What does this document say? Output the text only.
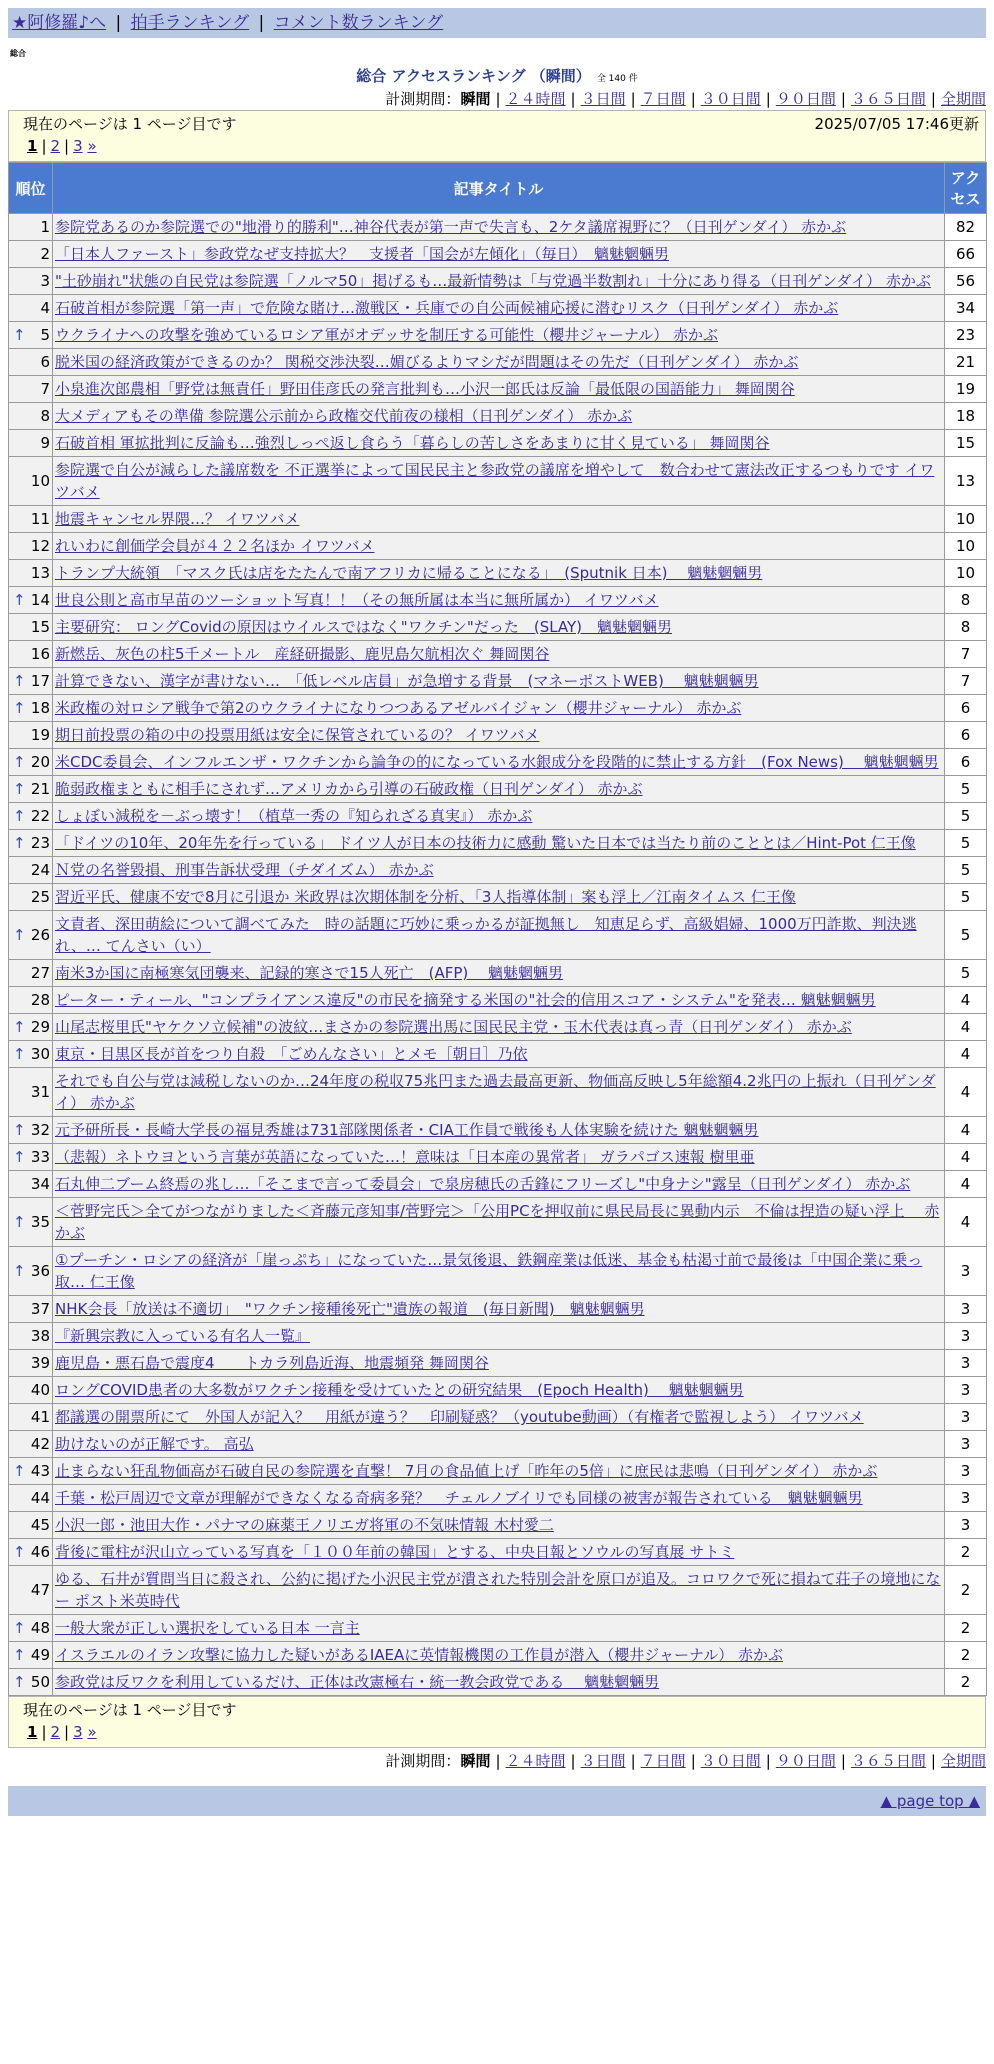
★阿修羅♪へ | 拍手ランキング | コメント数ランキング
総合
総合 アクセスランキング （瞬間） 全 140 件
計測期間：瞬間 | ２４時間 | ３日間 | ７日間 | ３０日間 | ９０日間 | ３６５日間 | 全期間
現在のページは 1 ページ目です	2025/07/05 17:46更新
1 | 2 | 3 »
順位	記事タイトル	アクセス
1	参院党あるのか参院選での"地滑り的勝利"…神谷代表が第一声で失言も、2ケタ議席視野に？（日刊ゲンダイ） 赤かぶ	82
2	「日本人ファースト」参政党なぜ支持拡大？　支援者「国会が左傾化」（毎日）　魑魅魍魎男	66
3	"土砂崩れ"状態の自民党は参院選「ノルマ50」掲げるも…最新情勢は「与党過半数割れ」十分にあり得る（日刊ゲンダイ） 赤かぶ	56
4	石破首相が参院選「第一声」で危険な賭け…激戦区・兵庫での自公両候補応援に潜むリスク（日刊ゲンダイ） 赤かぶ	34

↑ 5	ウクライナへの攻撃を強めているロシア軍がオデッサを制圧する可能性（櫻井ジャーナル） 赤かぶ	23
6	脱米国の経済政策ができるのか？ 関税交渉決裂…媚びるよりマシだが問題はその先だ（日刊ゲンダイ） 赤かぶ	21
7	小泉進次郎農相「野党は無責任」野田佳彦氏の発言批判も…小沢一郎氏は反論「最低限の国語能力」 舞岡関谷	19
8	大メディアもその準備 参院選公示前から政権交代前夜の様相（日刊ゲンダイ） 赤かぶ	18
9	石破首相 軍拡批判に反論も…強烈しっぺ返し食らう「暮らしの苦しさをあまりに甘く見ている」 舞岡関谷	15
10	参院選で自公が減らした議席数を 不正選挙によって国民民主と参政党の議席を増やして　数合わせて憲法改正するつもりです イワツバメ	13
11	地震キャンセル界隈…？ イワツバメ	10
12	れいわに創価学会員が４２２名ほか イワツバメ	10
13	トランプ大統領　「マスク氏は店をたたんで南アフリカに帰ることになる」　(Sputnik 日本)　 魑魅魍魎男	10

↑ 14	世良公則と高市早苗のツーショット写真！！（その無所属は本当に無所属か） イワツバメ	8
15	主要研究： ロングCovidの原因はウイルスではなく"ワクチン"だった　(SLAY)　魑魅魍魎男	8
16	新燃岳、灰色の柱5千メートル　産経研撮影、鹿児島欠航相次ぐ 舞岡関谷	7

↑ 17	計算できない、漢字が書けない…　「低レベル店員」が急増する背景　(マネーポストWEB)　 魑魅魍魎男	7

↑ 18	米政権の対ロシア戦争で第2のウクライナになりつつあるアゼルバイジャン（櫻井ジャーナル） 赤かぶ	6
19	期日前投票の箱の中の投票用紙は安全に保管されているの？ イワツバメ	6

↑ 20	米CDC委員会、インフルエンザ・ワクチンから論争の的になっている水銀成分を段階的に禁止する方針　(Fox News)　 魑魅魍魎男	6

↑ 21	脆弱政権まともに相手にされず…アメリカから引導の石破政権（日刊ゲンダイ） 赤かぶ	5

↑ 22	しょぼい減税を－ぶっ壊す！（植草一秀の『知られざる真実』） 赤かぶ	5

↑ 23	「ドイツの10年、20年先を行っている」 ドイツ人が日本の技術力に感動 驚いた日本では当たり前のこととは／Hint-Pot 仁王像	5
24	Ｎ党の名誉毀損、刑事告訴状受理（チダイズム） 赤かぶ	5
25	習近平氏、健康不安で8月に引退か 米政界は次期体制を分析、「3人指導体制」案も浮上／江南タイムス 仁王像	5

↑ 26	文責者、深田萌絵について調べてみた　時の話題に巧妙に乗っかるが証拠無し　知恵足らず、高級娼婦、1000万円詐欺、判決逃れ、… てんさい（い）	5
27	南米3か国に南極寒気団襲来、記録的寒さで15人死亡　(AFP)　 魑魅魍魎男	5
28	ピーター・ティール、"コンプライアンス違反"の市民を摘発する米国の"社会的信用スコア・システム"を発表… 魑魅魍魎男	4

↑ 29	山尾志桜里氏"ヤケクソ立候補"の波紋…まさかの参院選出馬に国民民主党・玉木代表は真っ青（日刊ゲンダイ） 赤かぶ	4

↑ 30	東京・目黒区長が首をつり自殺　「ごめんなさい」とメモ［朝日］乃依	4
31	それでも自公与党は減税しないのか…24年度の税収75兆円また過去最高更新、物価高反映し5年総額4.2兆円の上振れ（日刊ゲンダイ） 赤かぶ	4

↑ 32	元予研所長・長崎大学長の福見秀雄は731部隊関係者・CIA工作員で戦後も人体実験を続けた 魑魅魍魎男	4

↑ 33	（悲報）ネトウヨという言葉が英語になっていた…！意味は「日本産の異常者」 ガラパゴス速報 樹里亜	4
34	石丸伸二ブーム終焉の兆し…「そこまで言って委員会」で泉房穂氏の舌鋒にフリーズし"中身ナシ"露呈（日刊ゲンダイ） 赤かぶ	4

↑ 35	＜菅野完氏＞全てがつながりました＜斉藤元彦知事/菅野完＞「公用PCを押収前に県民局長に異動内示　不倫は捏造の疑い浮上　 赤かぶ	4

↑ 36	①プーチン・ロシアの経済が「崖っぷち」になっていた…景気後退、鉄鋼産業は低迷、基金も枯渇寸前で最後は「中国企業に乗っ取… 仁王像	3
37	NHK会長「放送は不適切」　"ワクチン接種後死亡"遺族の報道　(毎日新聞)　魑魅魍魎男	3
38	『新興宗教に入っている有名人一覧』	3
39	鹿児島・悪石島で震度4　　トカラ列島近海、地震頻発 舞岡関谷	3
40	ロングCOVID患者の大多数がワクチン接種を受けていたとの研究結果　(Epoch Health)　 魑魅魍魎男	3
41	都議選の開票所にて　外国人が記入？　用紙が違う？　印刷疑惑？（youtube動画）（有権者で監視しよう） イワツバメ	3
42	助けないのが正解です。 高弘	3

↑ 43	止まらない狂乱物価高が石破自民の参院選を直撃！ 7月の食品値上げ「昨年の5倍」に庶民は悲鳴（日刊ゲンダイ） 赤かぶ	3
44	千葉・松戸周辺で文章が理解ができなくなる奇病多発？　チェルノブイリでも同様の被害が報告されている　魑魅魍魎男	3
45	小沢一郎・池田大作・パナマの麻薬王ノリエガ将軍の不気味情報 木村愛二	3

↑ 46	背後に電柱が沢山立っている写真を「１００年前の韓国」とする、中央日報とソウルの写真展 サトミ	2
47	ゆる、石井が質問当日に殺され、公約に掲げた小沢民主党が潰された特別会計を原口が追及。コロワクで死に損ねて荘子の境地になー ポスト米英時代	2

↑ 48	一般大衆が正しい選択をしている日本 一言主	2

↑ 49	イスラエルのイラン攻撃に協力した疑いがあるIAEAに英情報機関の工作員が潜入（櫻井ジャーナル） 赤かぶ	2

↑ 50	参政党は反ワクを利用しているだけ、正体は改憲極右・統一教会政党である　 魑魅魍魎男	2
現在のページは 1 ページ目です
1 | 2 | 3 »
計測期間：瞬間 | ２４時間 | ３日間 | ７日間 | ３０日間 | ９０日間 | ３６５日間 | 全期間
▲ page top ▲
